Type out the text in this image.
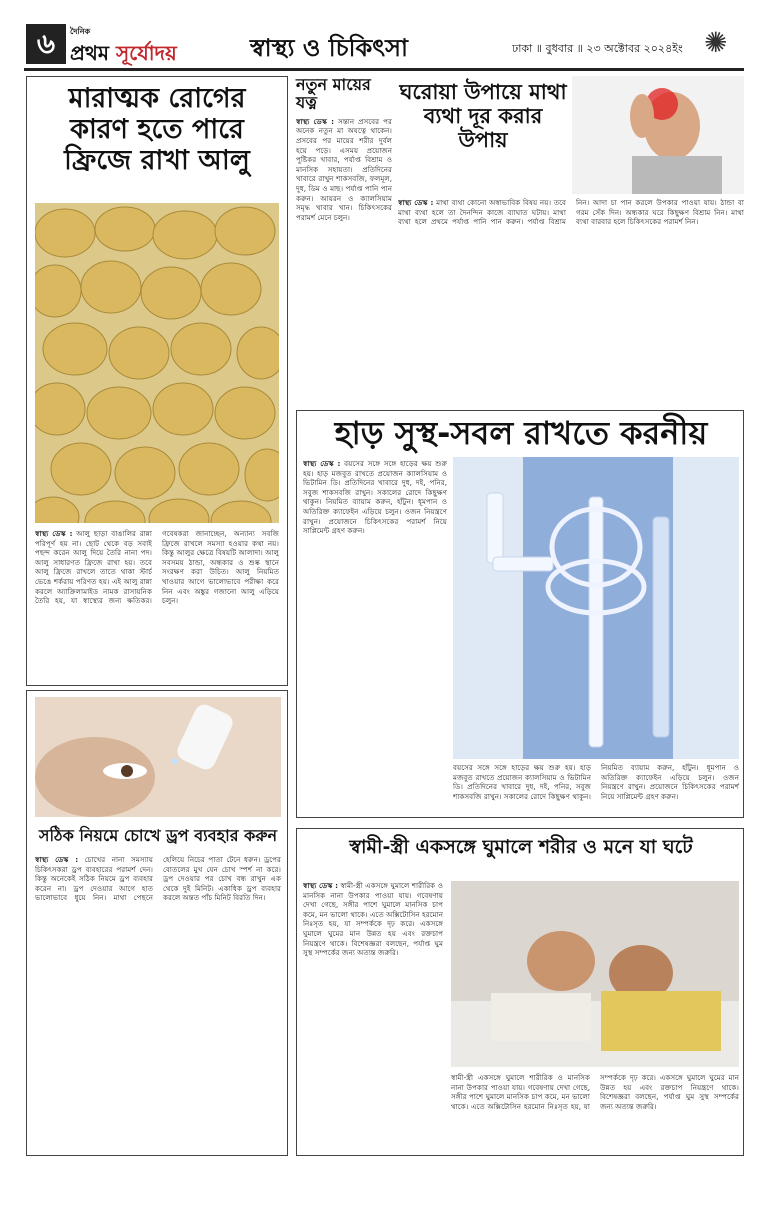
৬	দৈনিক
প্রথম সূর্যোদয়	স্বাস্থ্য ও চিকিৎসা	ঢাকা ॥ বুধবার ॥ ২৩ অক্টোবর ২০২৪ইং ✺
মারাত্মক রোগের কারণ হতে পারে ফ্রিজে রাখা আলু
স্বাস্থ্য ডেস্ক : আলু ছাড়া বাঙালির রান্না পরিপূর্ণ হয় না। ছোট থেকে বড় সবাই পছন্দ করেন আলু দিয়ে তৈরি নানা পদ। আলু সাধারণত ফ্রিজে রাখা হয়। তবে আলু ফ্রিজে রাখলে তাতে থাকা স্টার্চ ভেঙে শর্করায় পরিণত হয়। এই আলু রান্না করলে অ্যাক্রিলামাইড নামক রাসায়নিক তৈরি হয়, যা স্বাস্থ্যের জন্য ক্ষতিকর। গবেষকরা জানাচ্ছেন, অন্যান্য সবজি ফ্রিজে রাখলে সমস্যা হওয়ার কথা নয়। কিন্তু আলুর ক্ষেত্রে বিষয়টি আলাদা। আলু সবসময় ঠান্ডা, অন্ধকার ও শুষ্ক স্থানে সংরক্ষণ করা উচিত। আলু নিয়মিত খাওয়ার আগে ভালোভাবে পরীক্ষা করে নিন এবং অঙ্কুর গজানো আলু এড়িয়ে চলুন।
নতুন মায়ের যত্ন
স্বাস্থ্য ডেস্ক : সন্তান প্রসবের পর অনেক নতুন মা অযত্নে থাকেন। প্রসবের পর মায়ের শরীর দুর্বল হয়ে পড়ে। এসময় প্রয়োজন পুষ্টিকর খাবার, পর্যাপ্ত বিশ্রাম ও মানসিক সহায়তা। প্রতিদিনের খাবারে রাখুন শাকসবজি, ফলমূল, দুধ, ডিম ও মাছ। পর্যাপ্ত পানি পান করুন। আয়রন ও ক্যালসিয়াম সমৃদ্ধ খাবার খান। চিকিৎসকের পরামর্শ মেনে চলুন।
ঘরোয়া উপায়ে মাথা ব্যথা দূর করার উপায়
স্বাস্থ্য ডেস্ক : মাথা ব্যথা কোনো অস্বাভাবিক বিষয় নয়। তবে মাথা ব্যথা হলে তা দৈনন্দিন কাজে ব্যাঘাত ঘটায়। মাথা ব্যথা হলে প্রথমে পর্যাপ্ত পানি পান করুন। পর্যাপ্ত বিশ্রাম নিন। আদা চা পান করলে উপকার পাওয়া যায়। ঠান্ডা বা গরম সেঁক দিন। অন্ধকার ঘরে কিছুক্ষণ বিশ্রাম নিন। মাথা ব্যথা বারবার হলে চিকিৎসকের পরামর্শ নিন।
হাড় সুস্থ-সবল রাখতে করনীয়
স্বাস্থ্য ডেস্ক : বয়সের সঙ্গে সঙ্গে হাড়ের ক্ষয় শুরু হয়। হাড় মজবুত রাখতে প্রয়োজন ক্যালসিয়াম ও ভিটামিন ডি। প্রতিদিনের খাবারে দুধ, দই, পনির, সবুজ শাকসবজি রাখুন। সকালের রোদে কিছুক্ষণ থাকুন। নিয়মিত ব্যায়াম করুন, হাঁটুন। ধূমপান ও অতিরিক্ত ক্যাফেইন এড়িয়ে চলুন। ওজন নিয়ন্ত্রণে রাখুন। প্রয়োজনে চিকিৎসকের পরামর্শ নিয়ে সাপ্লিমেন্ট গ্রহণ করুন।
বয়সের সঙ্গে সঙ্গে হাড়ের ক্ষয় শুরু হয়। হাড় মজবুত রাখতে প্রয়োজন ক্যালসিয়াম ও ভিটামিন ডি। প্রতিদিনের খাবারে দুধ, দই, পনির, সবুজ শাকসবজি রাখুন। সকালের রোদে কিছুক্ষণ থাকুন। নিয়মিত ব্যায়াম করুন, হাঁটুন। ধূমপান ও অতিরিক্ত ক্যাফেইন এড়িয়ে চলুন। ওজন নিয়ন্ত্রণে রাখুন। প্রয়োজনে চিকিৎসকের পরামর্শ নিয়ে সাপ্লিমেন্ট গ্রহণ করুন।
সঠিক নিয়মে চোখে ড্রপ ব্যবহার করুন
স্বাস্থ্য ডেস্ক : চোখের নানা সমস্যায় চিকিৎসকরা ড্রপ ব্যবহারের পরামর্শ দেন। কিন্তু অনেকেই সঠিক নিয়মে ড্রপ ব্যবহার করেন না। ড্রপ দেওয়ার আগে হাত ভালোভাবে ধুয়ে নিন। মাথা পেছনে হেলিয়ে নিচের পাতা টেনে ধরুন। ড্রপের বোতলের মুখ যেন চোখ স্পর্শ না করে। ড্রপ দেওয়ার পর চোখ বন্ধ রাখুন এক থেকে দুই মিনিট। একাধিক ড্রপ ব্যবহার করলে অন্তত পাঁচ মিনিট বিরতি দিন।
স্বামী-স্ত্রী একসঙ্গে ঘুমালে শরীর ও মনে যা ঘটে
স্বাস্থ্য ডেস্ক : স্বামী-স্ত্রী একসঙ্গে ঘুমালে শারীরিক ও মানসিক নানা উপকার পাওয়া যায়। গবেষণায় দেখা গেছে, সঙ্গীর পাশে ঘুমালে মানসিক চাপ কমে, মন ভালো থাকে। এতে অক্সিটোসিন হরমোন নিঃসৃত হয়, যা সম্পর্ককে দৃঢ় করে। একসঙ্গে ঘুমালে ঘুমের মান উন্নত হয় এবং রক্তচাপ নিয়ন্ত্রণে থাকে। বিশেষজ্ঞরা বলছেন, পর্যাপ্ত ঘুম সুস্থ সম্পর্কের জন্য অত্যন্ত জরুরি।
স্বামী-স্ত্রী একসঙ্গে ঘুমালে শারীরিক ও মানসিক নানা উপকার পাওয়া যায়। গবেষণায় দেখা গেছে, সঙ্গীর পাশে ঘুমালে মানসিক চাপ কমে, মন ভালো থাকে। এতে অক্সিটোসিন হরমোন নিঃসৃত হয়, যা সম্পর্ককে দৃঢ় করে। একসঙ্গে ঘুমালে ঘুমের মান উন্নত হয় এবং রক্তচাপ নিয়ন্ত্রণে থাকে। বিশেষজ্ঞরা বলছেন, পর্যাপ্ত ঘুম সুস্থ সম্পর্কের জন্য অত্যন্ত জরুরি।
